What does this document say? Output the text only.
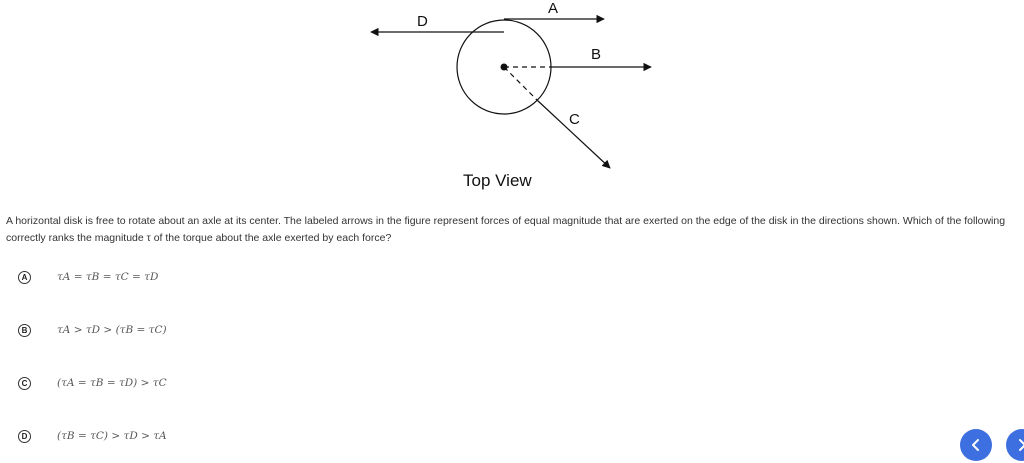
A
B
C
D
Top View
A horizontal disk is free to rotate about an axle at its center. The labeled arrows in the figure represent forces of equal magnitude that are exerted on the edge of the disk in the directions shown. Which of the following correctly ranks the magnitude τ of the torque about the axle exerted by each force?
A	τA = τB = τC = τD
B	τA > τD > (τB = τC)
C	(τA = τB = τD) > τC
D	(τB = τC) > τD > τA
